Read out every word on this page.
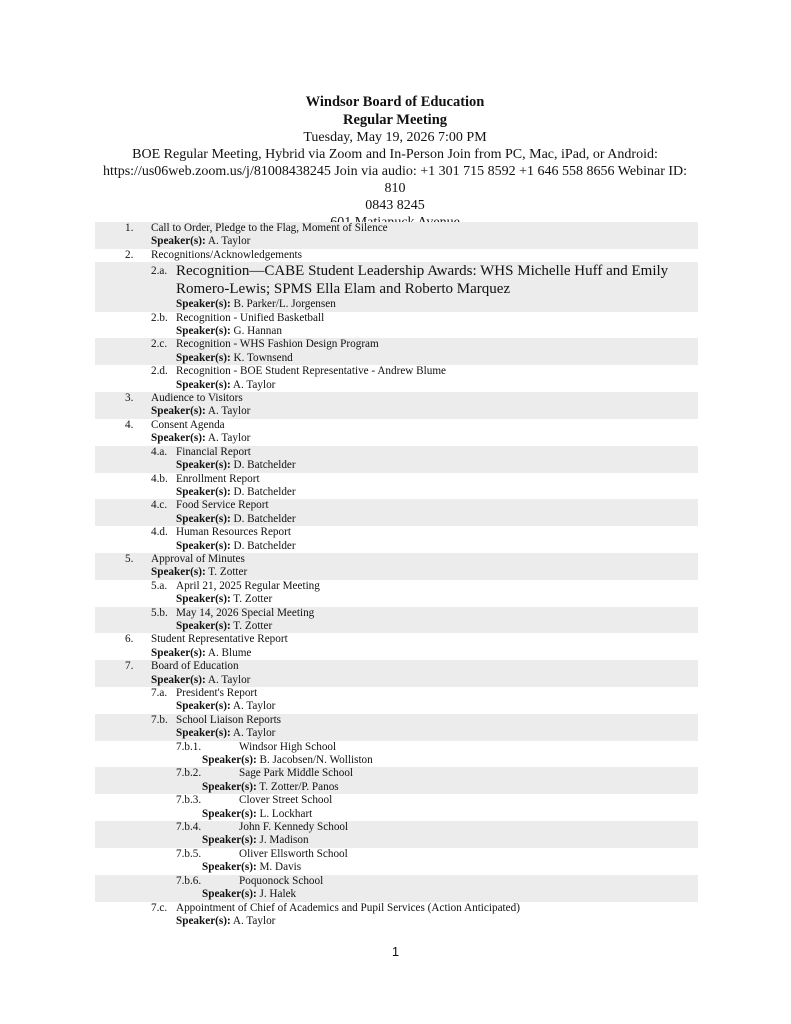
Windsor Board of Education
Regular Meeting
Tuesday, May 19, 2026 7:00 PM
BOE Regular Meeting, Hybrid via Zoom and In-Person Join from PC, Mac, iPad, or Android:
https://us06web.zoom.us/j/81008438245 Join via audio: +1 301 715 8592 +1 646 558 8656 Webinar ID: 810
0843 8245
1.	Call to Order, Pledge to the Flag, Moment of Silence
Speaker(s): A. Taylor
2.	Recognitions/Acknowledgements
2.a. Recognition—CABE Student Leadership Awards: WHS Michelle Huff and Emily Romero-Lewis; SPMS Ella Elam and Roberto Marquez
Speaker(s): B. Parker/L. Jorgensen
2.b. Recognition - Unified Basketball
Speaker(s): G. Hannan
2.c. Recognition - WHS Fashion Design Program
Speaker(s): K. Townsend
2.d. Recognition - BOE Student Representative - Andrew Blume
Speaker(s): A. Taylor
3.	Audience to Visitors
Speaker(s): A. Taylor
4.	Consent Agenda
Speaker(s): A. Taylor
4.a. Financial Report
Speaker(s): D. Batchelder
4.b. Enrollment Report
Speaker(s): D. Batchelder
4.c. Food Service Report
Speaker(s): D. Batchelder
4.d. Human Resources Report
Speaker(s): D. Batchelder
5.	Approval of Minutes
Speaker(s): T. Zotter
5.a. April 21, 2025 Regular Meeting
Speaker(s): T. Zotter
5.b. May 14, 2026 Special Meeting
Speaker(s): T. Zotter
6.	Student Representative Report
Speaker(s): A. Blume
7.	Board of Education
Speaker(s): A. Taylor
7.a. President's Report
Speaker(s): A. Taylor
7.b. School Liaison Reports
Speaker(s): A. Taylor
7.b.1.	Windsor High School
Speaker(s): B. Jacobsen/N. Wolliston
7.b.2.	Sage Park Middle School
Speaker(s): T. Zotter/P. Panos
7.b.3.	Clover Street School
Speaker(s): L. Lockhart
7.b.4.	John F. Kennedy School
Speaker(s): J. Madison
7.b.5.	Oliver Ellsworth School
Speaker(s): M. Davis
7.b.6.	Poquonock School
Speaker(s): J. Halek
7.c. Appointment of Chief of Academics and Pupil Services (Action Anticipated)
Speaker(s): A. Taylor
1
